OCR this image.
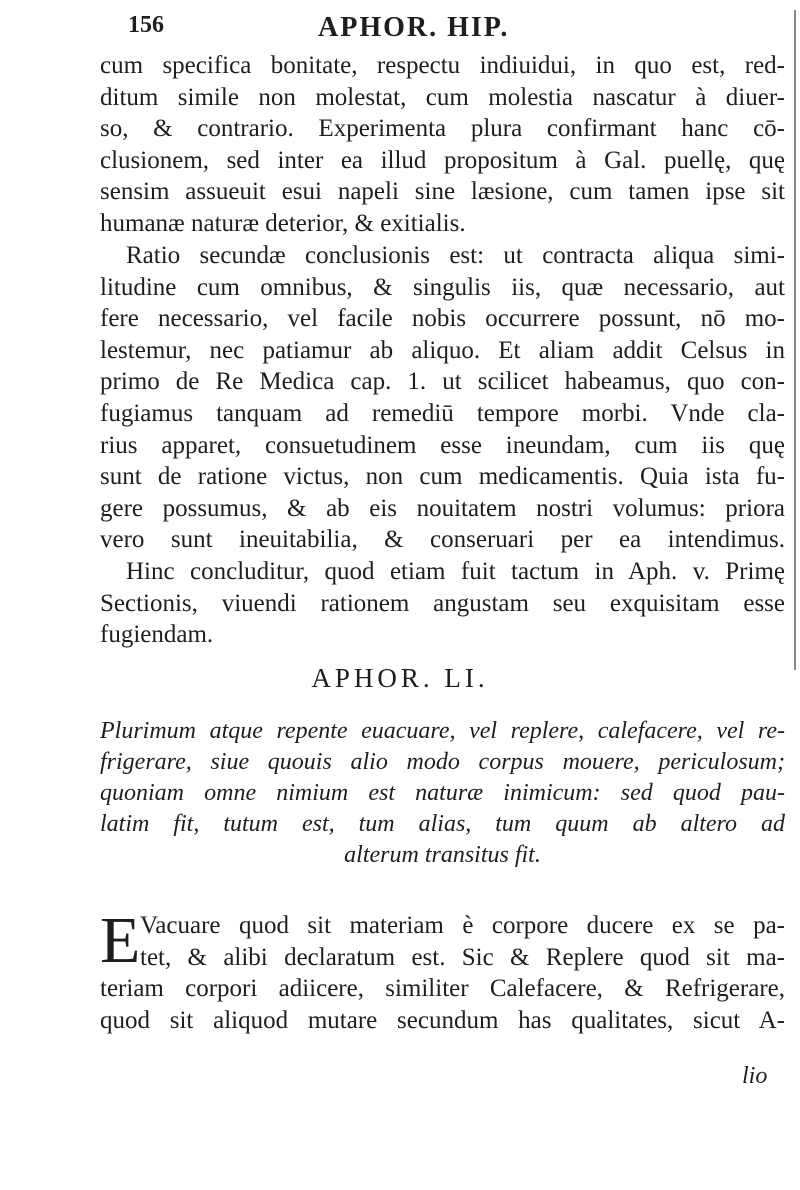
156	APHOR. HIP.
cum specifica bonitate, respectu indiuidui, in quo est, red-
ditum simile non molestat, cum molestia nascatur à diuer-
so, & contrario. Experimenta plura confirmant hanc cō-
clusionem, sed inter ea illud propositum à Gal. puellę, quę
sensim assueuit esui napeli sine læsione, cum tamen ipse sit
humanæ naturæ deterior, & exitialis.
Ratio secundæ conclusionis est: ut contracta aliqua simi-
litudine cum omnibus, & singulis iis, quæ necessario, aut
fere necessario, vel facile nobis occurrere possunt, nō mo-
lestemur, nec patiamur ab aliquo. Et aliam addit Celsus in
primo de Re Medica cap. 1. ut scilicet habeamus, quo con-
fugiamus tanquam ad remediū tempore morbi. Vnde cla-
rius apparet, consuetudinem esse ineundam, cum iis quę
sunt de ratione victus, non cum medicamentis. Quia ista fu-
gere possumus, & ab eis nouitatem nostri volumus: priora
vero sunt ineuitabilia, & conseruari per ea intendimus.
Hinc concluditur, quod etiam fuit tactum in Aph. v. Primę
Sectionis, viuendi rationem angustam seu exquisitam esse
fugiendam.
APHOR. LI.
Plurimum atque repente euacuare, vel replere, calefacere, vel re-
frigerare, siue quouis alio modo corpus mouere, periculosum;
quoniam omne nimium est naturæ inimicum: sed quod pau-
latim fit, tutum est, tum alias, tum quum ab altero ad
alterum transitus fit.
E Vacuare quod sit materiam è corpore ducere ex se pa-
tet, & alibi declaratum est. Sic & Replere quod sit ma-
teriam corpori adiicere, similiter Calefacere, & Refrigerare,
quod sit aliquod mutare secundum has qualitates, sicut A-
lio
